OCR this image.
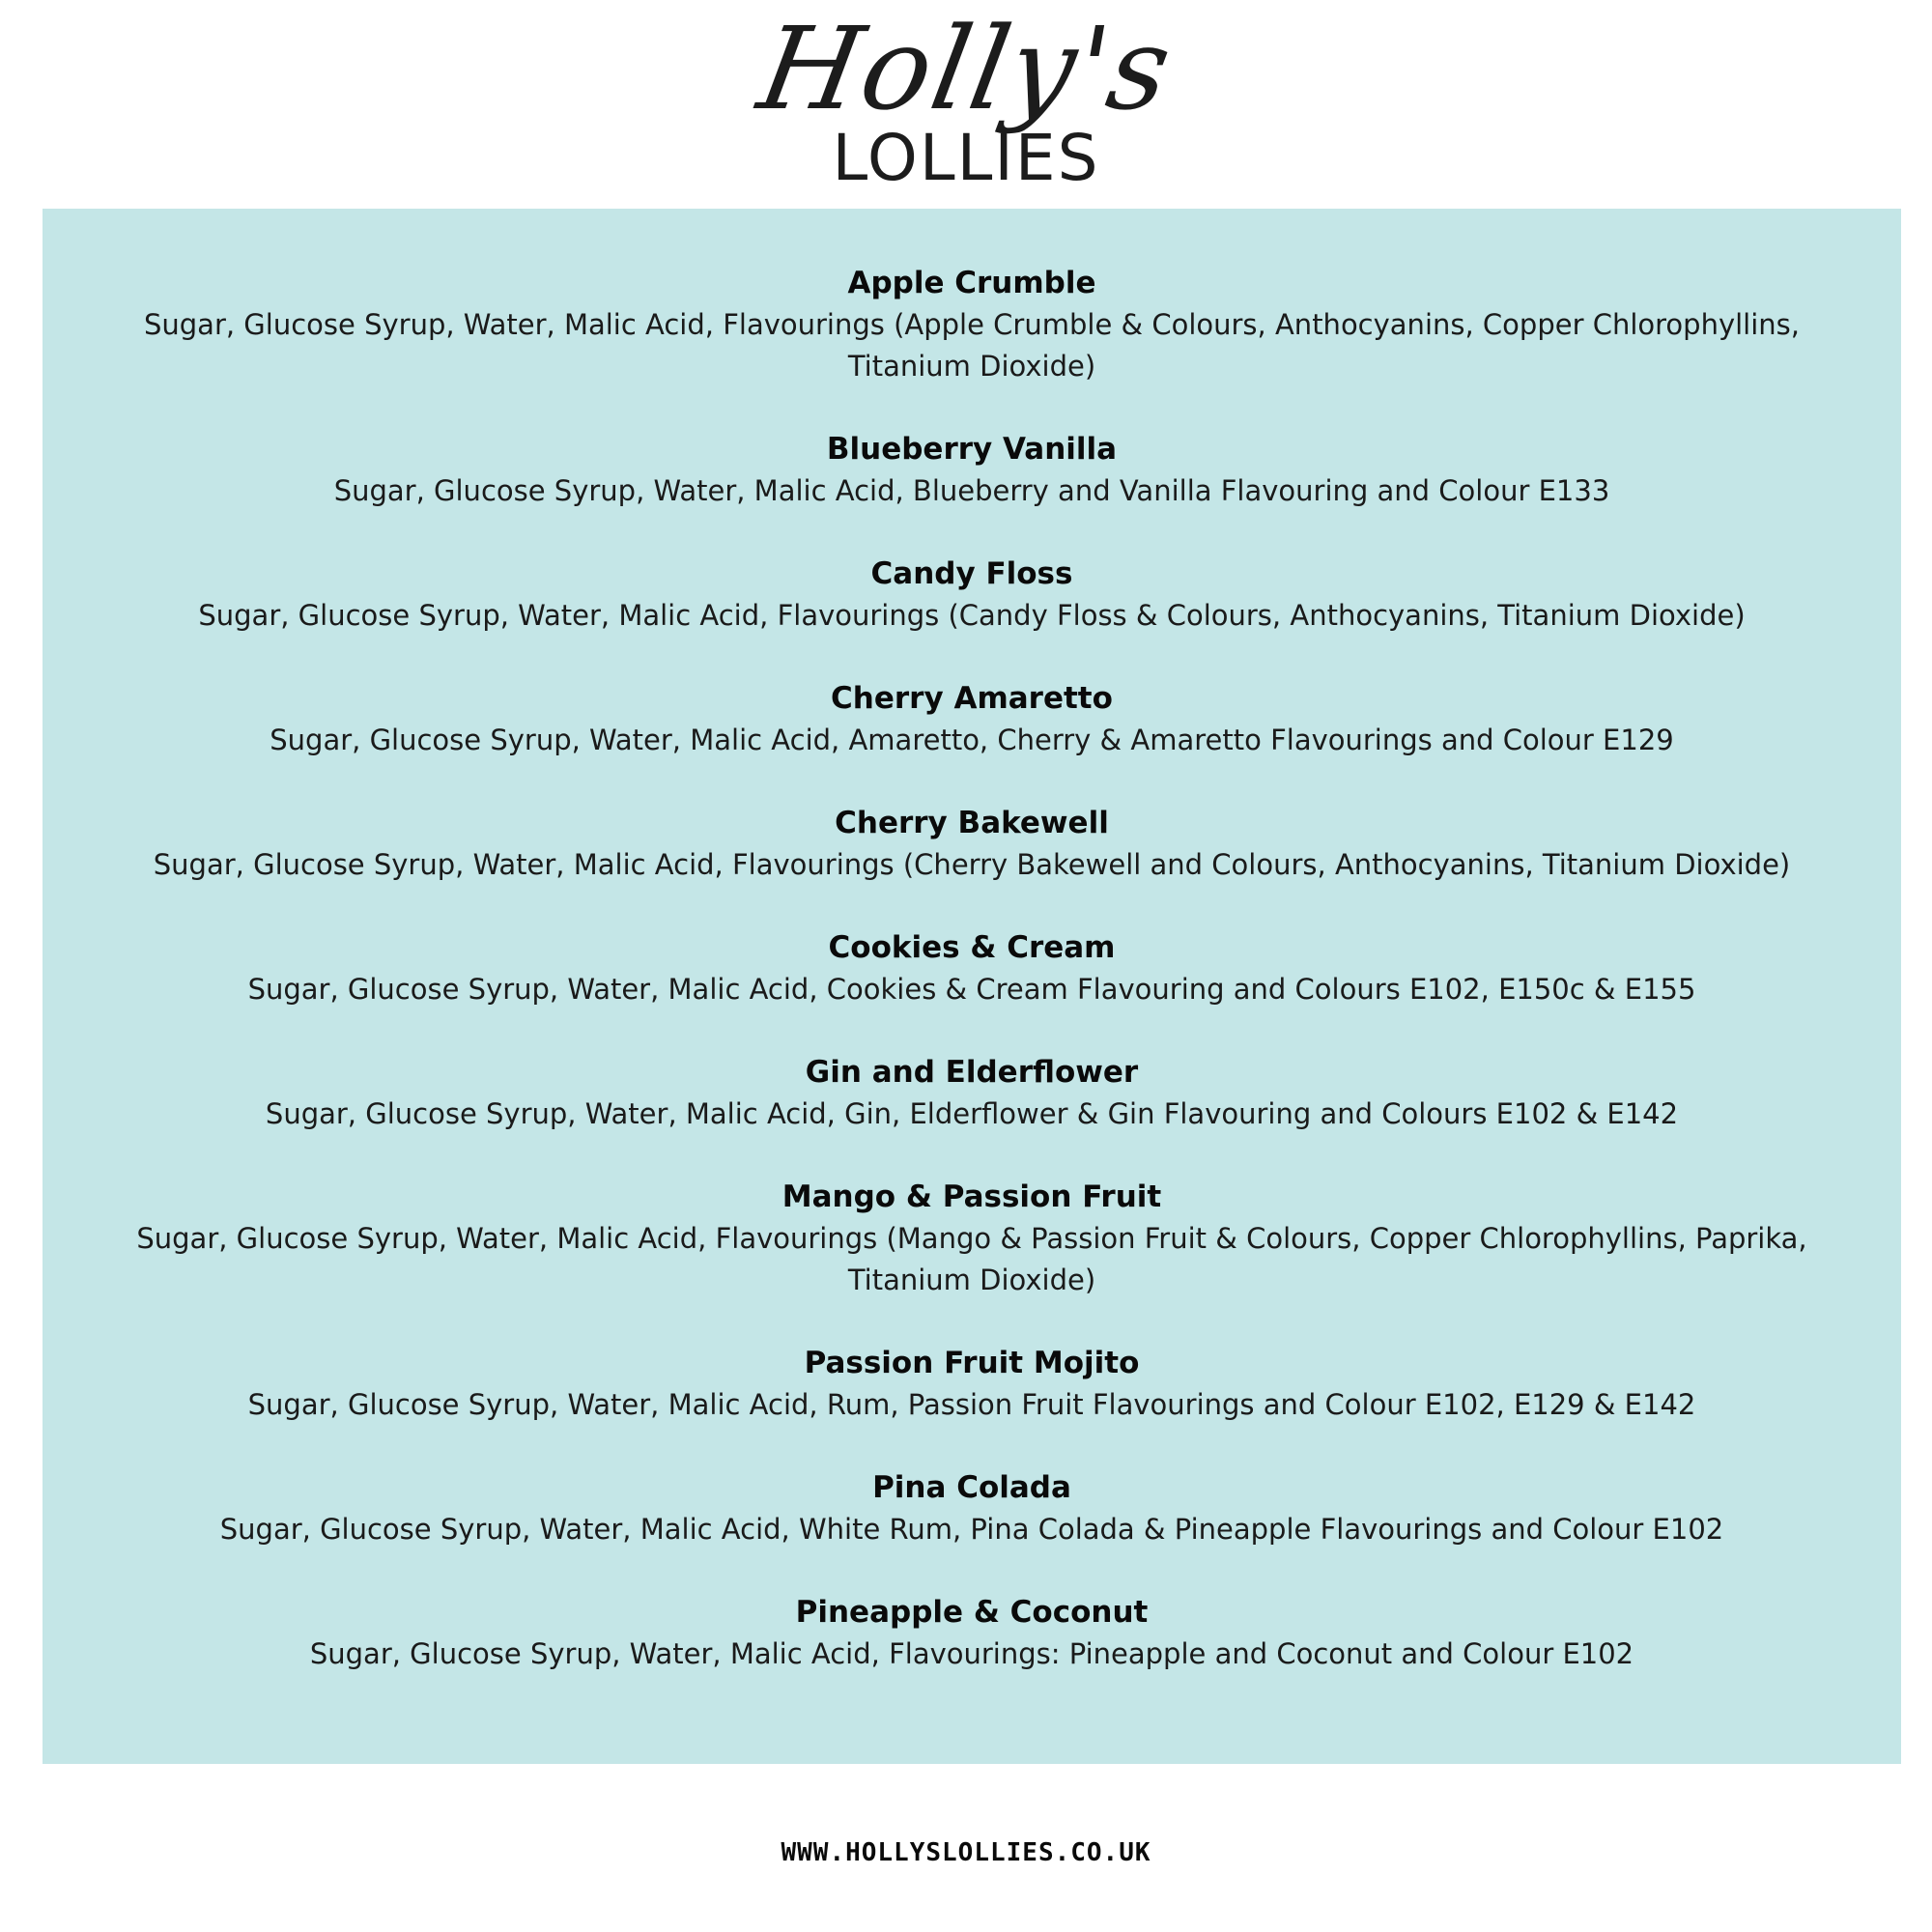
Holly's
LOLLIES
Apple Crumble
Sugar, Glucose Syrup, Water, Malic Acid, Flavourings (Apple Crumble & Colours, Anthocyanins, Copper Chlorophyllins, Titanium Dioxide)
Blueberry Vanilla
Sugar, Glucose Syrup, Water, Malic Acid, Blueberry and Vanilla Flavouring and Colour E133
Candy Floss
Sugar, Glucose Syrup, Water, Malic Acid, Flavourings (Candy Floss & Colours, Anthocyanins, Titanium Dioxide)
Cherry Amaretto
Sugar, Glucose Syrup, Water, Malic Acid, Amaretto, Cherry & Amaretto Flavourings and Colour E129
Cherry Bakewell
Sugar, Glucose Syrup, Water, Malic Acid, Flavourings (Cherry Bakewell and Colours, Anthocyanins, Titanium Dioxide)
Cookies & Cream
Sugar, Glucose Syrup, Water, Malic Acid, Cookies & Cream Flavouring and Colours E102, E150c & E155
Gin and Elderflower
Sugar, Glucose Syrup, Water, Malic Acid, Gin, Elderflower & Gin Flavouring and Colours E102 & E142
Mango & Passion Fruit
Sugar, Glucose Syrup, Water, Malic Acid, Flavourings (Mango & Passion Fruit & Colours, Copper Chlorophyllins, Paprika, Titanium Dioxide)
Passion Fruit Mojito
Sugar, Glucose Syrup, Water, Malic Acid, Rum, Passion Fruit Flavourings and Colour E102, E129 & E142
Pina Colada
Sugar, Glucose Syrup, Water, Malic Acid, White Rum, Pina Colada & Pineapple Flavourings and Colour E102
Pineapple & Coconut
Sugar, Glucose Syrup, Water, Malic Acid, Flavourings: Pineapple and Coconut and Colour E102
WWW.HOLLYSLOLLIES.CO.UK
